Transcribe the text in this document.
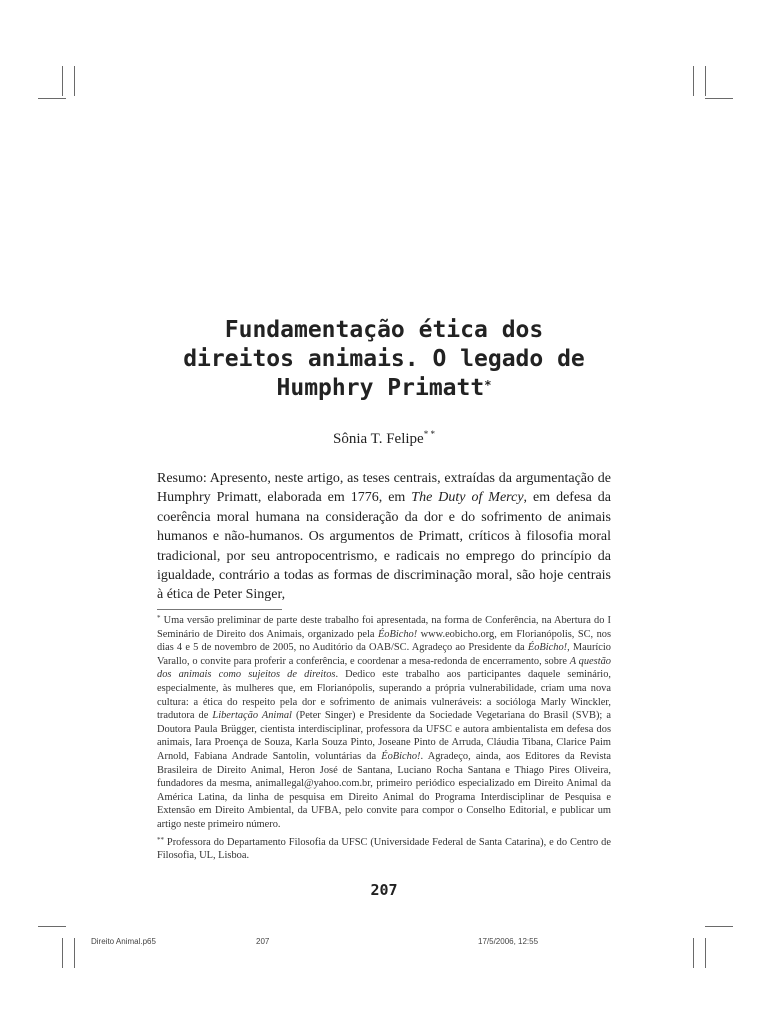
Fundamentação ética dos
direitos animais. O legado de
Humphry Primatt*
Sônia T. Felipe* *

Resumo: Apresento, neste artigo, as teses centrais, extraídas da argumentação de Humphry Primatt, elaborada em 1776, em The Duty of Mercy, em defesa da coerência moral humana na consideração da dor e do sofrimento de animais humanos e não-humanos. Os argumentos de Primatt, críticos à filosofia moral tradicional, por seu antropocentrismo, e radicais no emprego do princípio da igualdade, contrário a todas as formas de discriminação moral, são hoje centrais à ética de Peter Singer,

* Uma versão preliminar de parte deste trabalho foi apresentada, na forma de Conferência, na Abertura do I Seminário de Direito dos Animais, organizado pela ÉoBicho! www.eobicho.org, em Florianópolis, SC, nos dias 4 e 5 de novembro de 2005, no Auditório da OAB/SC. Agradeço ao Presidente da ÉoBicho!, Maurício Varallo, o convite para proferir a conferência, e coordenar a mesa-redonda de encerramento, sobre A questão dos animais como sujeitos de direitos. Dedico este trabalho aos participantes daquele seminário, especialmente, às mulheres que, em Florianópolis, superando a própria vulnerabilidade, criam uma nova cultura: a ética do respeito pela dor e sofrimento de animais vulneráveis: a socióloga Marly Winckler, tradutora de Libertação Animal (Peter Singer) e Presidente da Sociedade Vegetariana do Brasil (SVB); a Doutora Paula Brügger, cientista interdisciplinar, professora da UFSC e autora ambientalista em defesa dos animais, Iara Proença de Souza, Karla Souza Pinto, Joseane Pinto de Arruda, Cláudia Tibana, Clarice Paim Arnold, Fabiana Andrade Santolin, voluntárias da ÉoBicho!. Agradeço, ainda, aos Editores da Revista Brasileira de Direito Animal, Heron José de Santana, Luciano Rocha Santana e Thiago Pires Oliveira, fundadores da mesma, animallegal@yahoo.com.br, primeiro periódico especializado em Direito Animal da América Latina, da linha de pesquisa em Direito Animal do Programa Interdisciplinar de Pesquisa e Extensão em Direito Ambiental, da UFBA, pelo convite para compor o Conselho Editorial, e publicar um artigo neste primeiro número.

** Professora do Departamento Filosofia da UFSC (Universidade Federal de Santa Catarina), e do Centro de Filosofia, UL, Lisboa.

207
Direito Animal.p65	207	17/5/2006, 12:55
